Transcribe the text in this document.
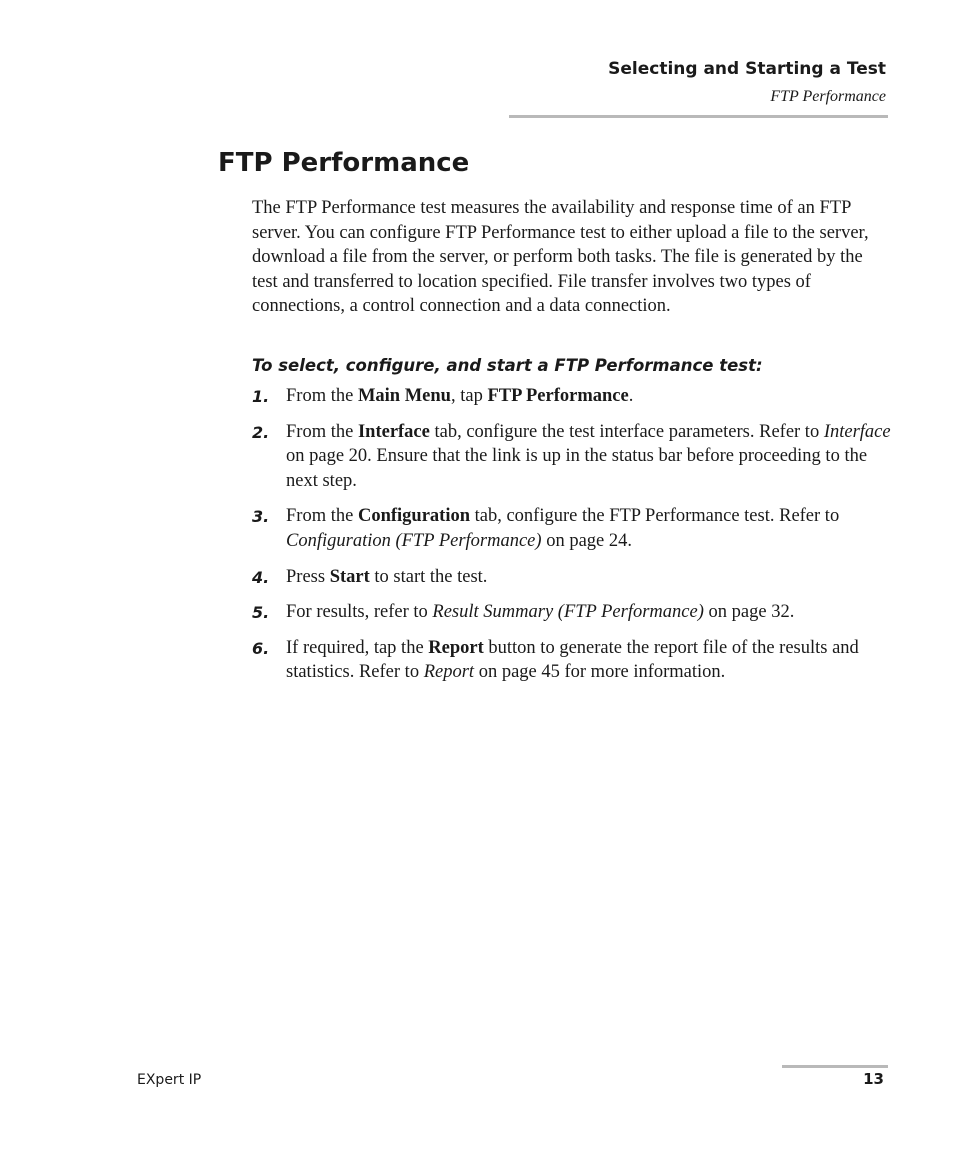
Selecting and Starting a Test
FTP Performance
FTP Performance

The FTP Performance test measures the availability and response time of an FTP server. You can configure FTP Performance test to either upload a file to the server, download a file from the server, or perform both tasks. The file is generated by the test and transferred to location specified. File transfer involves two types of connections, a control connection and a data connection.

To select, configure, and start a FTP Performance test:
1. From the Main Menu, tap FTP Performance.
2. From the Interface tab, configure the test interface parameters. Refer to Interface on page 20. Ensure that the link is up in the status bar before proceeding to the next step.
3. From the Configuration tab, configure the FTP Performance test. Refer to Configuration (FTP Performance) on page 24.
4. Press Start to start the test.
5. For results, refer to Result Summary (FTP Performance) on page 32.
6. If required, tap the Report button to generate the report file of the results and statistics. Refer to Report on page 45 for more information.
EXpert IP	13
